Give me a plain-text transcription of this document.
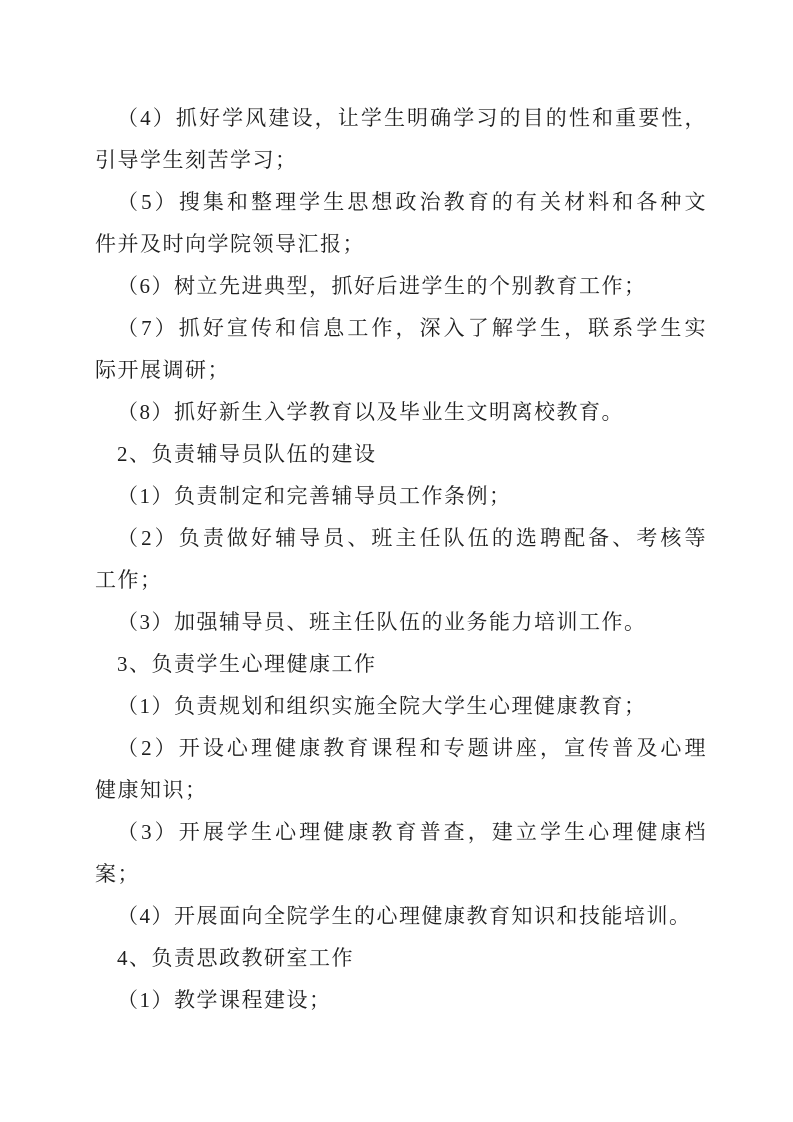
（4）抓好学风建设，让学生明确学习的目的性和重要性，
引导学生刻苦学习；
（5）搜集和整理学生思想政治教育的有关材料和各种文
件并及时向学院领导汇报；
（6）树立先进典型，抓好后进学生的个别教育工作；
（7）抓好宣传和信息工作，深入了解学生，联系学生实
际开展调研；
（8）抓好新生入学教育以及毕业生文明离校教育。
2、负责辅导员队伍的建设
（1）负责制定和完善辅导员工作条例；
（2）负责做好辅导员、班主任队伍的选聘配备、考核等
工作；
（3）加强辅导员、班主任队伍的业务能力培训工作。
3、负责学生心理健康工作
（1）负责规划和组织实施全院大学生心理健康教育；
（2）开设心理健康教育课程和专题讲座，宣传普及心理
健康知识；
（3）开展学生心理健康教育普查，建立学生心理健康档
案；
（4）开展面向全院学生的心理健康教育知识和技能培训。
4、负责思政教研室工作
（1）教学课程建设；
